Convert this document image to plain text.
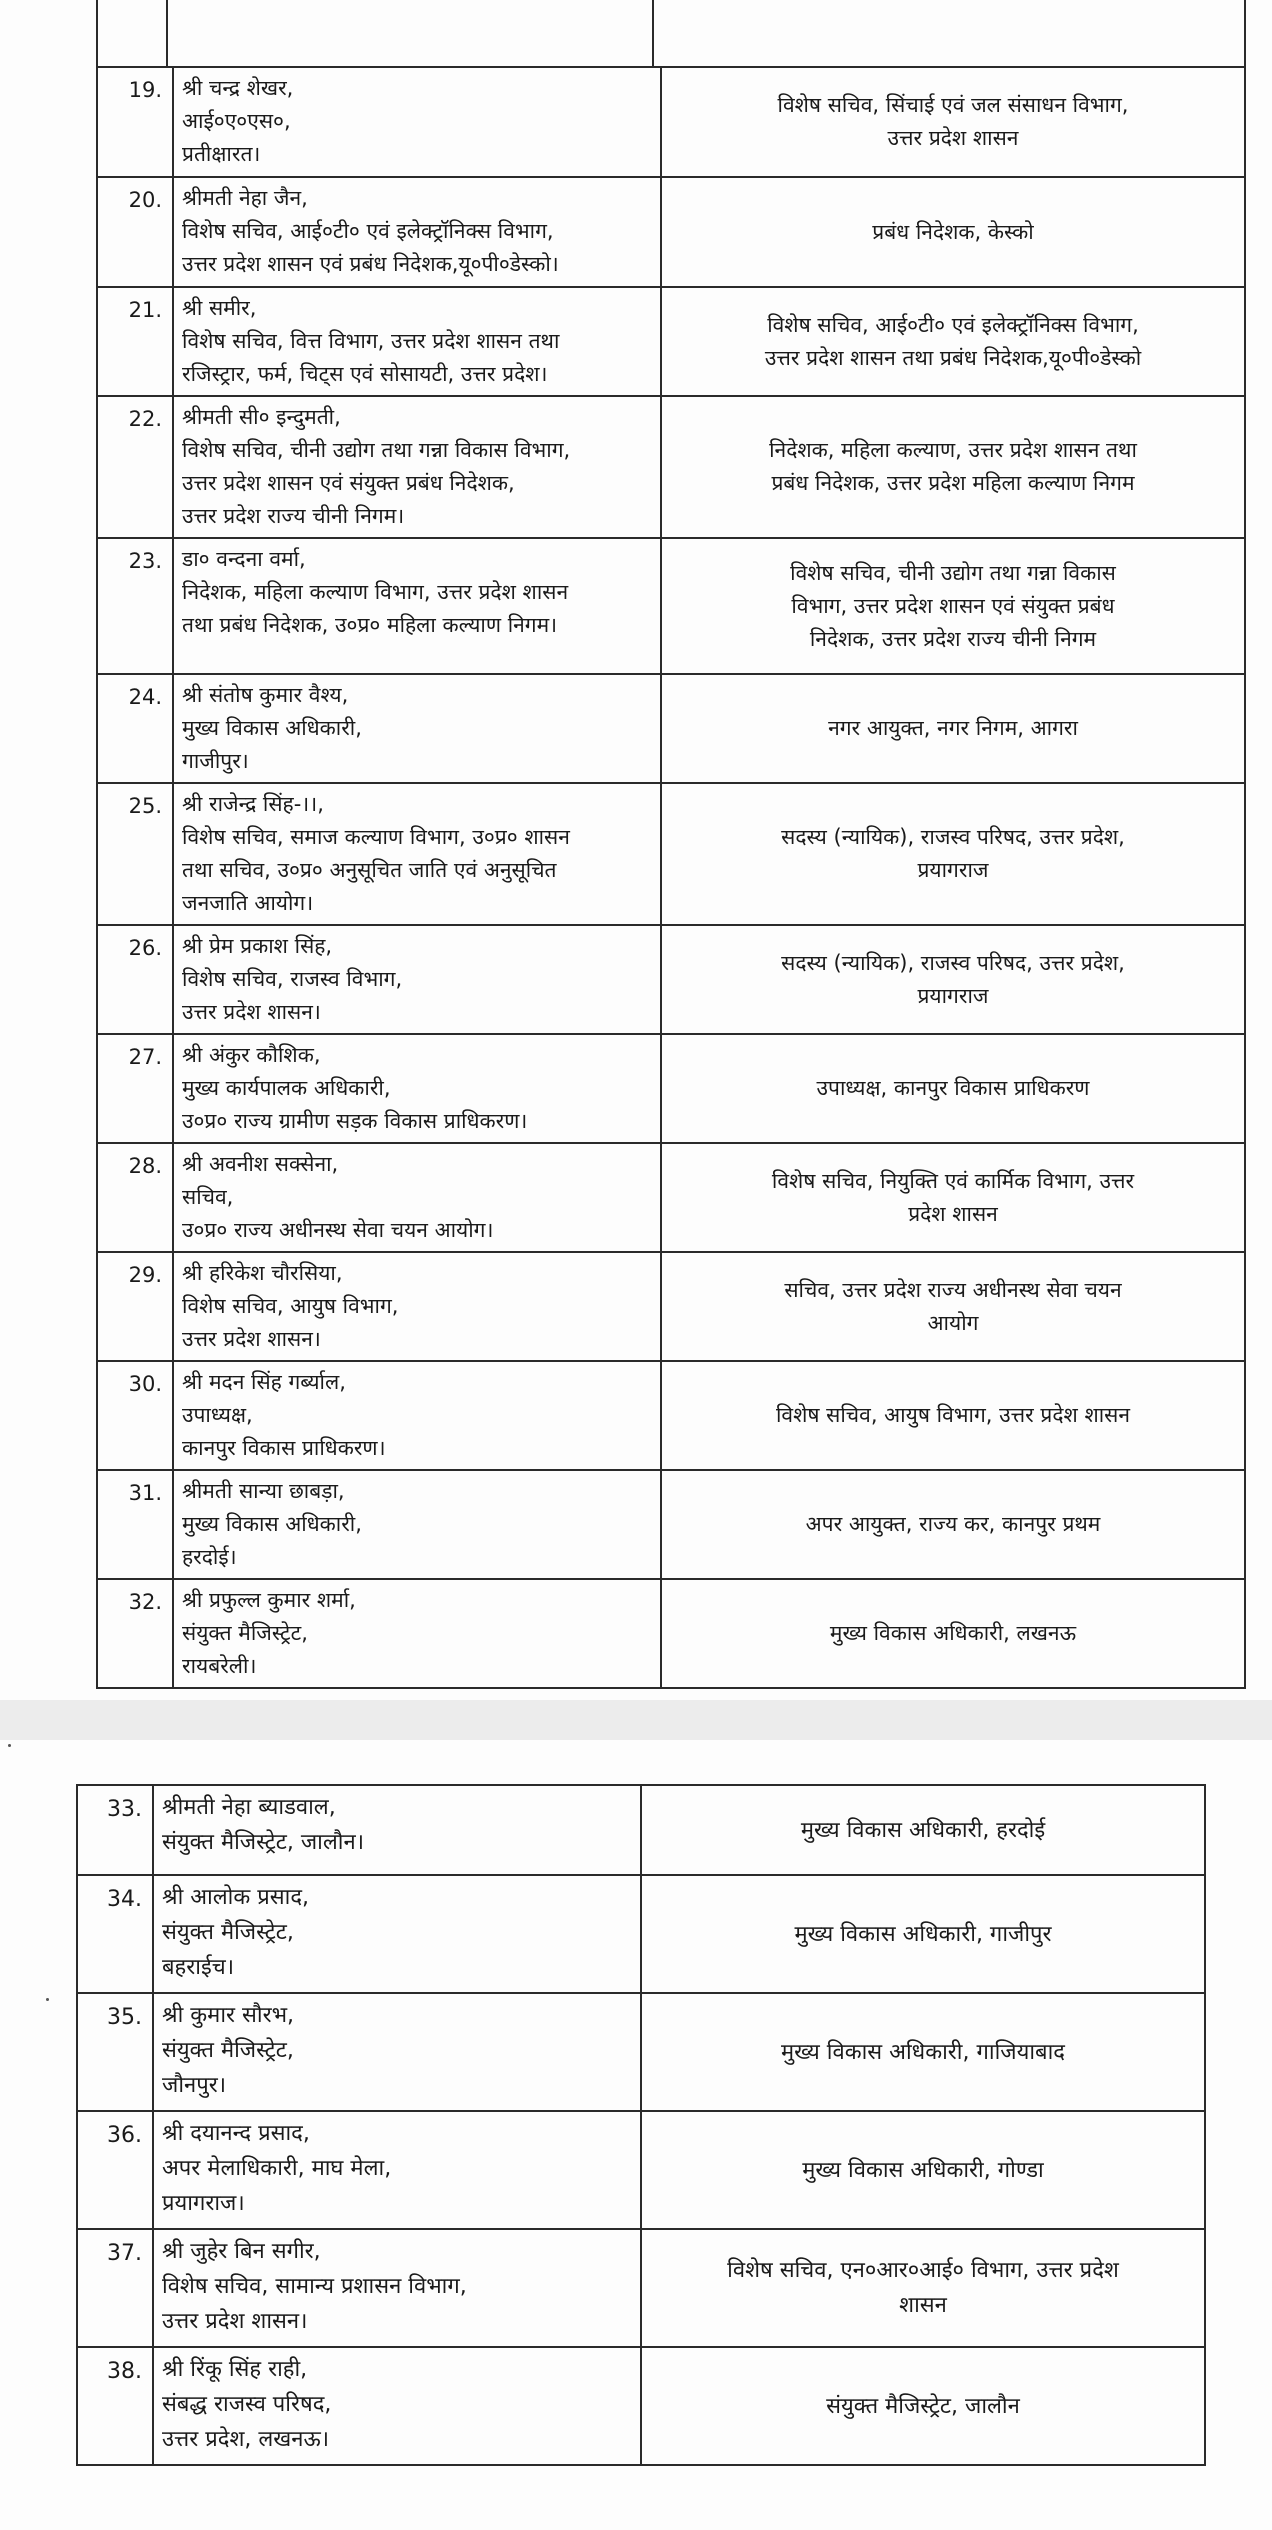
19.	श्री चन्द्र शेखर,
आई०ए०एस०,
प्रतीक्षारत।	विशेष सचिव, सिंचाई एवं जल संसाधन विभाग,
उत्तर प्रदेश शासन
20.	श्रीमती नेहा जैन,
विशेष सचिव, आई०टी० एवं इलेक्ट्रॉनिक्स विभाग,
उत्तर प्रदेश शासन एवं प्रबंध निदेशक,यू०पी०डेस्को।	प्रबंध निदेशक, केस्को
21.	श्री समीर,
विशेष सचिव, वित्त विभाग, उत्तर प्रदेश शासन तथा
रजिस्ट्रार, फर्म, चिट्स एवं सोसायटी, उत्तर प्रदेश।	विशेष सचिव, आई०टी० एवं इलेक्ट्रॉनिक्स विभाग,
उत्तर प्रदेश शासन तथा प्रबंध निदेशक,यू०पी०डेस्को
22.	श्रीमती सी० इन्दुमती,
विशेष सचिव, चीनी उद्योग तथा गन्ना विकास विभाग,
उत्तर प्रदेश शासन एवं संयुक्त प्रबंध निदेशक,
उत्तर प्रदेश राज्य चीनी निगम।	निदेशक, महिला कल्याण, उत्तर प्रदेश शासन तथा
प्रबंध निदेशक, उत्तर प्रदेश महिला कल्याण निगम
23.	डा० वन्दना वर्मा,
निदेशक, महिला कल्याण विभाग, उत्तर प्रदेश शासन
तथा प्रबंध निदेशक, उ०प्र० महिला कल्याण निगम।	विशेष सचिव, चीनी उद्योग तथा गन्ना विकास
विभाग, उत्तर प्रदेश शासन एवं संयुक्त प्रबंध
निदेशक, उत्तर प्रदेश राज्य चीनी निगम
24.	श्री संतोष कुमार वैश्य,
मुख्य विकास अधिकारी,
गाजीपुर।	नगर आयुक्त, नगर निगम, आगरा
25.	श्री राजेन्द्र सिंह-।।,
विशेष सचिव, समाज कल्याण विभाग, उ०प्र० शासन
तथा सचिव, उ०प्र० अनुसूचित जाति एवं अनुसूचित
जनजाति आयोग।	सदस्य (न्यायिक), राजस्व परिषद, उत्तर प्रदेश,
प्रयागराज
26.	श्री प्रेम प्रकाश सिंह,
विशेष सचिव, राजस्व विभाग,
उत्तर प्रदेश शासन।	सदस्य (न्यायिक), राजस्व परिषद, उत्तर प्रदेश,
प्रयागराज
27.	श्री अंकुर कौशिक,
मुख्य कार्यपालक अधिकारी,
उ०प्र० राज्य ग्रामीण सड़क विकास प्राधिकरण।	उपाध्यक्ष, कानपुर विकास प्राधिकरण
28.	श्री अवनीश सक्सेना,
सचिव,
उ०प्र० राज्य अधीनस्थ सेवा चयन आयोग।	विशेष सचिव, नियुक्ति एवं कार्मिक विभाग, उत्तर
प्रदेश शासन
29.	श्री हरिकेश चौरसिया,
विशेष सचिव, आयुष विभाग,
उत्तर प्रदेश शासन।	सचिव, उत्तर प्रदेश राज्य अधीनस्थ सेवा चयन
आयोग
30.	श्री मदन सिंह गर्ब्याल,
उपाध्यक्ष,
कानपुर विकास प्राधिकरण।	विशेष सचिव, आयुष विभाग, उत्तर प्रदेश शासन
31.	श्रीमती सान्या छाबड़ा,
मुख्य विकास अधिकारी,
हरदोई।	अपर आयुक्त, राज्य कर, कानपुर प्रथम
32.	श्री प्रफुल्ल कुमार शर्मा,
संयुक्त मैजिस्ट्रेट,
रायबरेली।	मुख्य विकास अधिकारी, लखनऊ
33.	श्रीमती नेहा ब्याडवाल,
संयुक्त मैजिस्ट्रेट, जालौन।	मुख्य विकास अधिकारी, हरदोई
34.	श्री आलोक प्रसाद,
संयुक्त मैजिस्ट्रेट,
बहराईच।	मुख्य विकास अधिकारी, गाजीपुर
35.	श्री कुमार सौरभ,
संयुक्त मैजिस्ट्रेट,
जौनपुर।	मुख्य विकास अधिकारी, गाजियाबाद
36.	श्री दयानन्द प्रसाद,
अपर मेलाधिकारी, माघ मेला,
प्रयागराज।	मुख्य विकास अधिकारी, गोण्डा
37.	श्री जुहेर बिन सगीर,
विशेष सचिव, सामान्य प्रशासन विभाग,
उत्तर प्रदेश शासन।	विशेष सचिव, एन०आर०आई० विभाग, उत्तर प्रदेश
शासन
38.	श्री रिंकू सिंह राही,
संबद्ध राजस्व परिषद,
उत्तर प्रदेश, लखनऊ।	संयुक्त मैजिस्ट्रेट, जालौन
